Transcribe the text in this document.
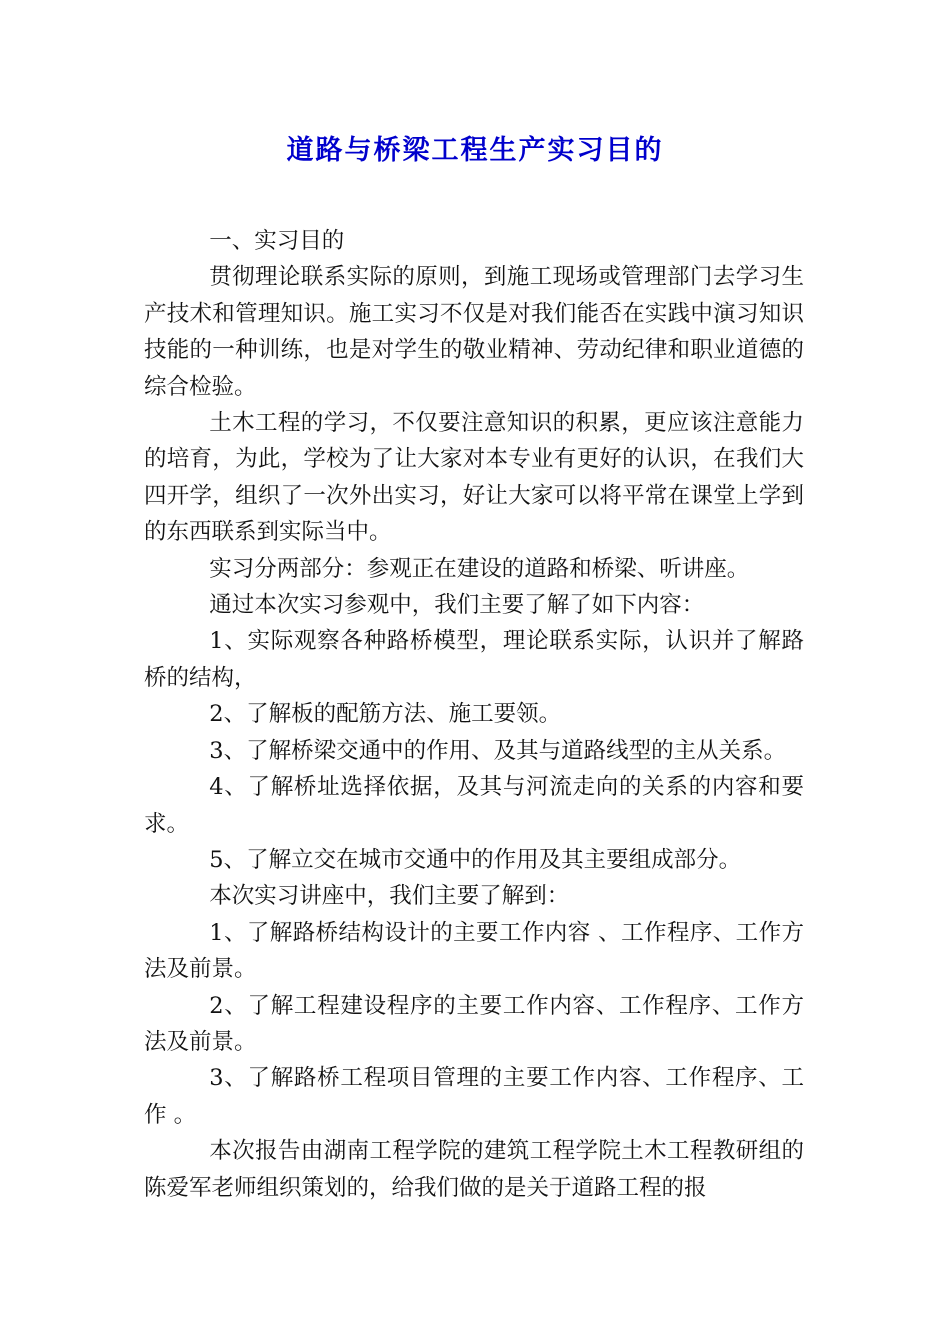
道路与桥梁工程生产实习目的

一、实习目的

贯彻理论联系实际的原则，到施工现场或管理部门去学习生产技术和管理知识。施工实习不仅是对我们能否在实践中演习知识技能的一种训练，也是对学生的敬业精神、劳动纪律和职业道德的综合检验。

土木工程的学习，不仅要注意知识的积累，更应该注意能力的培育，为此，学校为了让大家对本专业有更好的认识，在我们大四开学，组织了一次外出实习，好让大家可以将平常在课堂上学到的东西联系到实际当中。

实习分两部分：参观正在建设的道路和桥梁、听讲座。

通过本次实习参观中，我们主要了解了如下内容：

1、实际观察各种路桥模型，理论联系实际，认识并了解路桥的结构，

2、了解板的配筋方法、施工要领。

3、了解桥梁交通中的作用、及其与道路线型的主从关系。

4、了解桥址选择依据，及其与河流走向的关系的内容和要求。

5、了解立交在城市交通中的作用及其主要组成部分。

本次实习讲座中，我们主要了解到：

1、了解路桥结构设计的主要工作内容 、工作程序、工作方法及前景。

2、了解工程建设程序的主要工作内容、工作程序、工作方法及前景。

3、了解路桥工程项目管理的主要工作内容、工作程序、工作 。

本次报告由湖南工程学院的建筑工程学院土木工程教研组的陈爱军老师组织策划的，给我们做的是关于道路工程的报
